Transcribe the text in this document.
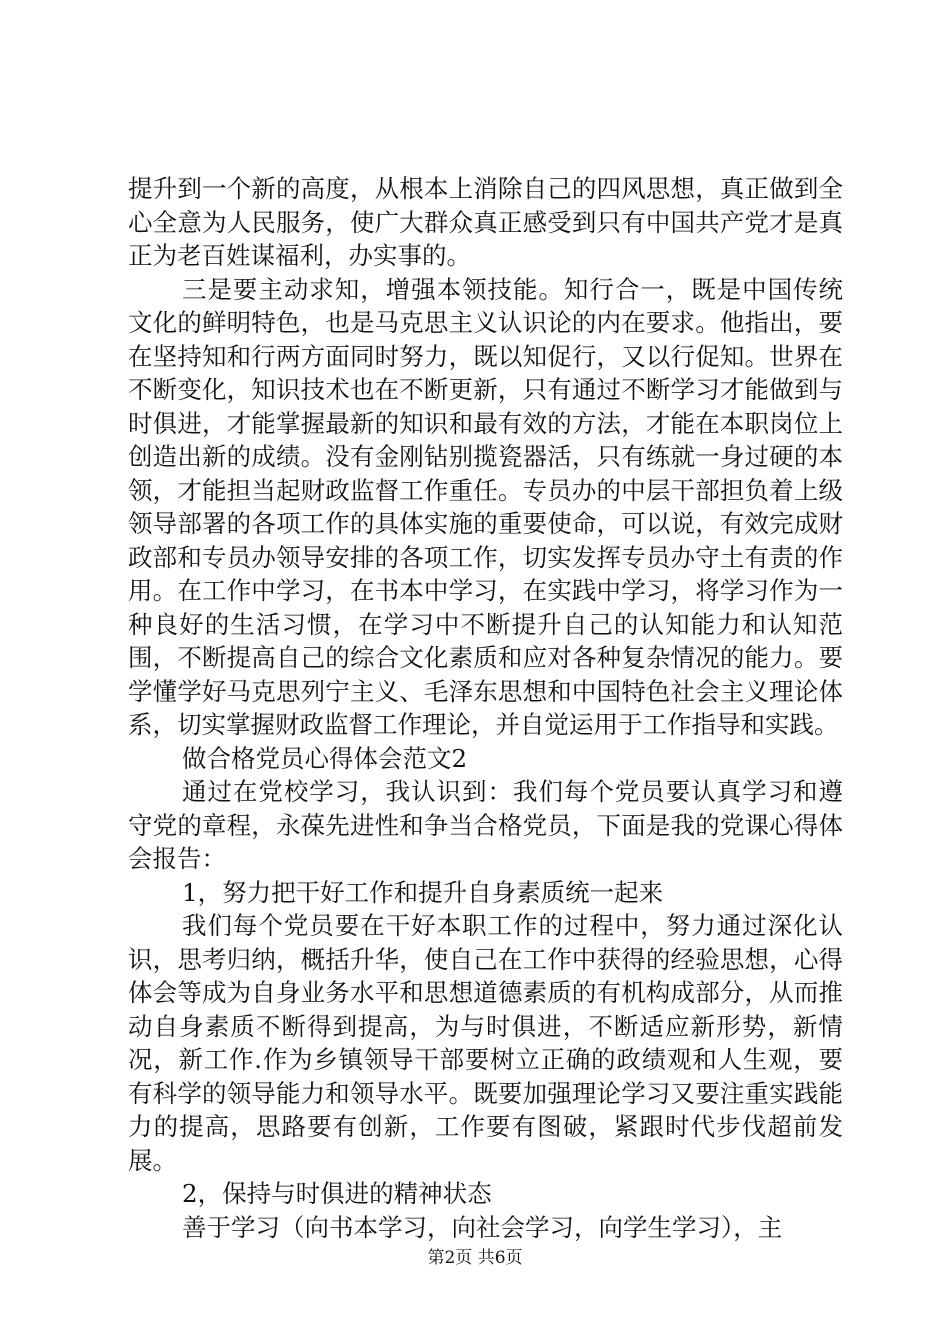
提升到一个新的高度，从根本上消除自己的四风思想，真正做到全心全意为人民服务，使广大群众真正感受到只有中国共产党才是真正为老百姓谋福利，办实事的。

三是要主动求知，增强本领技能。知行合一，既是中国传统文化的鲜明特色，也是马克思主义认识论的内在要求。他指出，要在坚持知和行两方面同时努力，既以知促行，又以行促知。世界在不断变化，知识技术也在不断更新，只有通过不断学习才能做到与时俱进，才能掌握最新的知识和最有效的方法，才能在本职岗位上创造出新的成绩。没有金刚钻别揽瓷器活，只有练就一身过硬的本领，才能担当起财政监督工作重任。专员办的中层干部担负着上级领导部署的各项工作的具体实施的重要使命，可以说，有效完成财政部和专员办领导安排的各项工作，切实发挥专员办守土有责的作用。在工作中学习，在书本中学习，在实践中学习，将学习作为一种良好的生活习惯，在学习中不断提升自己的认知能力和认知范围，不断提高自己的综合文化素质和应对各种复杂情况的能力。要学懂学好马克思列宁主义、毛泽东思想和中国特色社会主义理论体系，切实掌握财政监督工作理论，并自觉运用于工作指导和实践。

做合格党员心得体会范文2

通过在党校学习，我认识到：我们每个党员要认真学习和遵守党的章程，永葆先进性和争当合格党员，下面是我的党课心得体会报告：

1，努力把干好工作和提升自身素质统一起来

我们每个党员要在干好本职工作的过程中，努力通过深化认识，思考归纳，概括升华，使自己在工作中获得的经验思想，心得体会等成为自身业务水平和思想道德素质的有机构成部分，从而推动自身素质不断得到提高，为与时俱进，不断适应新形势，新情况，新工作.作为乡镇领导干部要树立正确的政绩观和人生观，要有科学的领导能力和领导水平。既要加强理论学习又要注重实践能力的提高，思路要有创新，工作要有图破，紧跟时代步伐超前发展。

2，保持与时俱进的精神状态

善于学习（向书本学习，向社会学习，向学生学习），主

第2页 共6页
